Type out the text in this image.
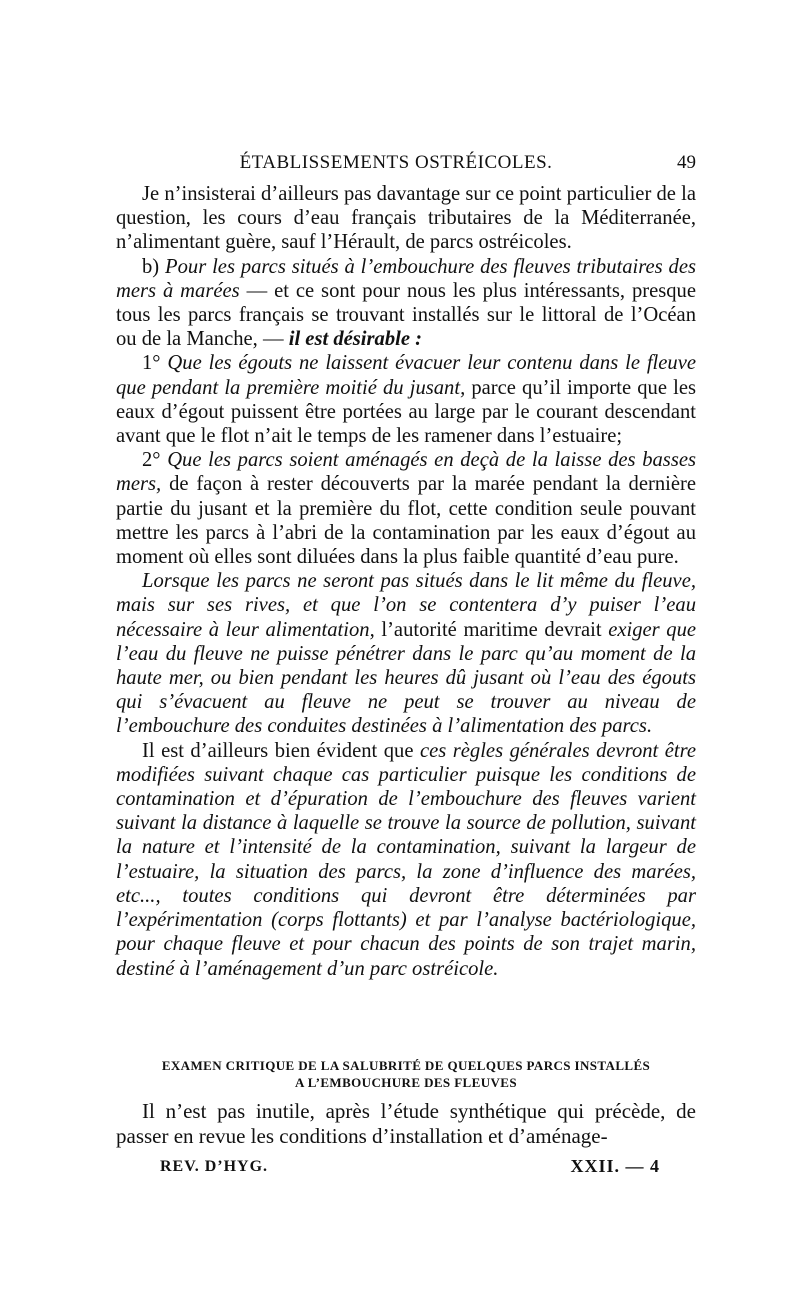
ÉTABLISSEMENTS OSTRÉICOLES.	49

Je n’insisterai d’ailleurs pas davantage sur ce point particulier de la question, les cours d’eau français tributaires de la Méditerranée, n’alimentant guère, sauf l’Hérault, de parcs ostréicoles.

b) Pour les parcs situés à l’embouchure des fleuves tributaires des mers à marées — et ce sont pour nous les plus intéressants, presque tous les parcs français se trouvant installés sur le littoral de l’Océan ou de la Manche, — il est désirable :

1° Que les égouts ne laissent évacuer leur contenu dans le fleuve que pendant la première moitié du jusant, parce qu’il importe que les eaux d’égout puissent être portées au large par le courant descendant avant que le flot n’ait le temps de les ramener dans l’estuaire;

2° Que les parcs soient aménagés en deçà de la laisse des basses mers, de façon à rester découverts par la marée pendant la dernière partie du jusant et la première du flot, cette condition seule pouvant mettre les parcs à l’abri de la contamination par les eaux d’égout au moment où elles sont diluées dans la plus faible quantité d’eau pure.

Lorsque les parcs ne seront pas situés dans le lit même du fleuve, mais sur ses rives, et que l’on se contentera d’y puiser l’eau nécessaire à leur alimentation, l’autorité maritime devrait exiger que l’eau du fleuve ne puisse pénétrer dans le parc qu’au moment de la haute mer, ou bien pendant les heures dû jusant où l’eau des égouts qui s’évacuent au fleuve ne peut se trouver au niveau de l’embouchure des conduites destinées à l’alimentation des parcs.

Il est d’ailleurs bien évident que ces règles générales devront être modifiées suivant chaque cas particulier puisque les conditions de contamination et d’épuration de l’embouchure des fleuves varient suivant la distance à laquelle se trouve la source de pollution, suivant la nature et l’intensité de la contamination, suivant la largeur de l’estuaire, la situation des parcs, la zone d’influence des marées, etc..., toutes conditions qui devront être déterminées par l’expérimentation (corps flottants) et par l’analyse bactériologique, pour chaque fleuve et pour chacun des points de son trajet marin, destiné à l’aménagement d’un parc ostréicole.

EXAMEN CRITIQUE DE LA SALUBRITÉ DE QUELQUES PARCS INSTALLÉS
A L’EMBOUCHURE DES FLEUVES

Il n’est pas inutile, après l’étude synthétique qui précède, de passer en revue les conditions d’installation et d’aménage-

REV. D’HYG.	XXII. — 4
